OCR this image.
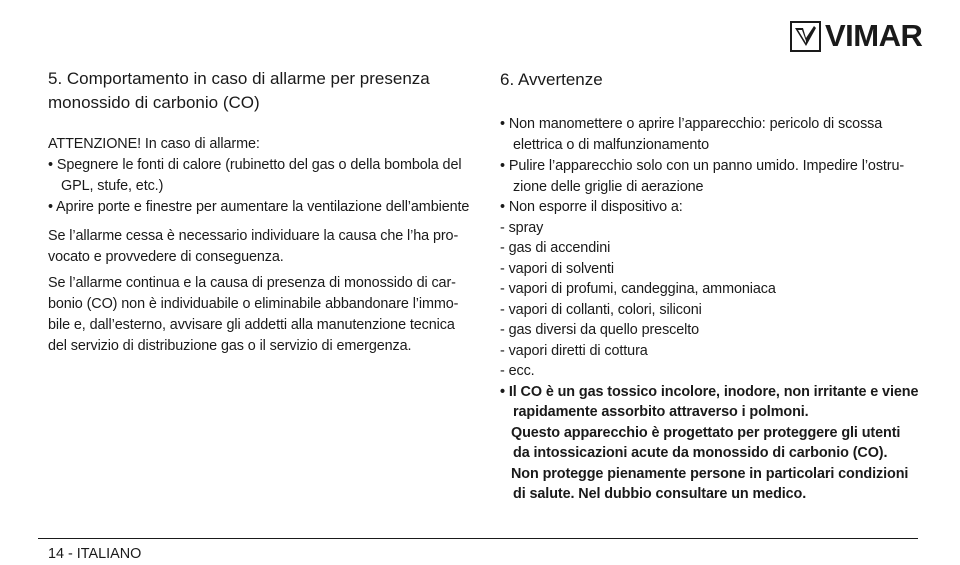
VIMAR
5. Comportamento in caso di allarme per presenza
monossido di carbonio (CO)
ATTENZIONE! In caso di allarme:
• Spegnere le fonti di calore (rubinetto del gas o della bombola del
GPL, stufe, etc.)
• Aprire porte e finestre per aumentare la ventilazione dell’ambiente
Se l’allarme cessa è necessario individuare la causa che l’ha pro-
vocato e provvedere di conseguenza.
Se l’allarme continua e la causa di presenza di monossido di car-
bonio (CO) non è individuabile o eliminabile abbandonare l’immo-
bile e, dall’esterno, avvisare gli addetti alla manutenzione tecnica
del servizio di distribuzione gas o il servizio di emergenza.
6. Avvertenze
• Non manomettere o aprire l’apparecchio: pericolo di scossa
elettrica o di malfunzionamento
• Pulire l’apparecchio solo con un panno umido. Impedire l’ostru-
zione delle griglie di aerazione
• Non esporre il dispositivo a:
- spray
- gas di accendini
- vapori di solventi
- vapori di profumi, candeggina, ammoniaca
- vapori di collanti, colori, siliconi
- gas diversi da quello prescelto
- vapori diretti di cottura
- ecc.
• Il CO è un gas tossico incolore, inodore, non irritante e viene
rapidamente assorbito attraverso i polmoni.
Questo apparecchio è progettato per proteggere gli utenti
da intossicazioni acute da monossido di carbonio (CO).
Non protegge pienamente persone in particolari condizioni
di salute. Nel dubbio consultare un medico.
14 - ITALIANO
